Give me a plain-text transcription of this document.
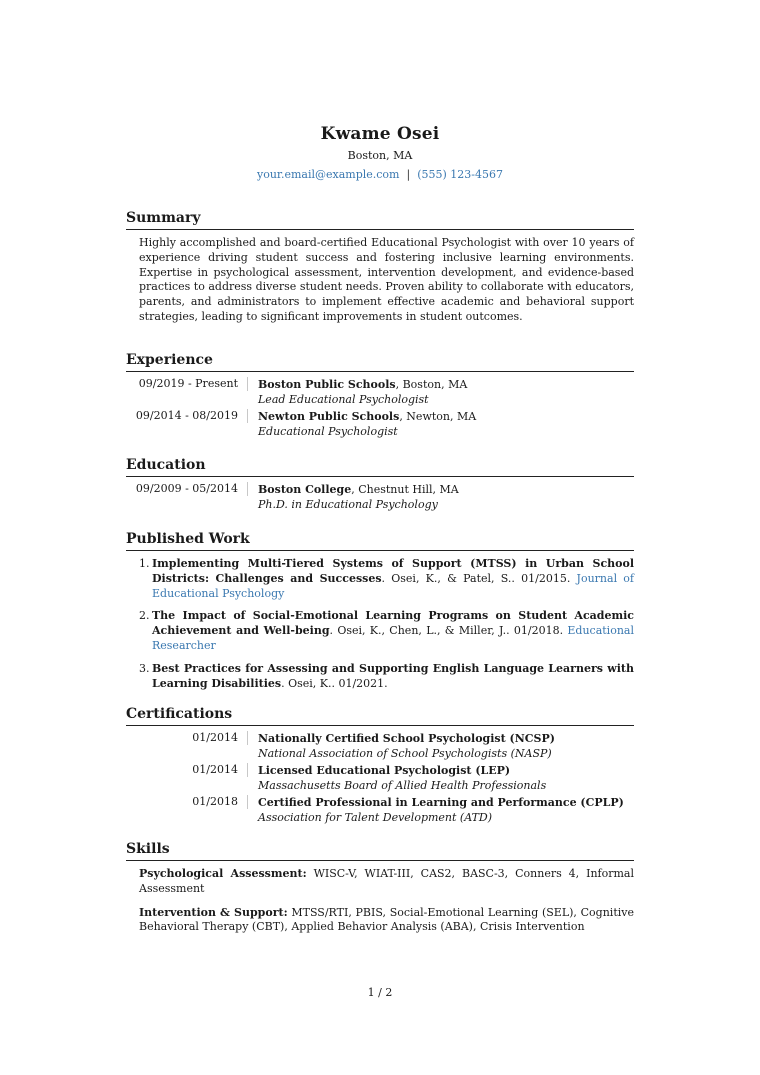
Kwame Osei
Boston, MA
your.email@example.com | (555) 123-4567
Summary
Highly accomplished and board-certified Educational Psychologist with over 10 years of experience driving student success and fostering inclusive learning environments. Expertise in psychological assessment, intervention development, and evidence-based practices to address diverse student needs. Proven ability to collaborate with educators, parents, and administrators to implement effective academic and behavioral support strategies, leading to significant improvements in student outcomes.
Experience
09/2019 - Present	Boston Public Schools, Boston, MA
Lead Educational Psychologist
09/2014 - 08/2019	Newton Public Schools, Newton, MA
Educational Psychologist
Education
09/2009 - 05/2014	Boston College, Chestnut Hill, MA
Ph.D. in Educational Psychology
Published Work
1. Implementing Multi-Tiered Systems of Support (MTSS) in Urban School Districts: Challenges and Successes. Osei, K., & Patel, S.. 01/2015. Journal of Educational Psychology
2. The Impact of Social-Emotional Learning Programs on Student Academic Achievement and Well-being. Osei, K., Chen, L., & Miller, J.. 01/2018. Educational Researcher
3. Best Practices for Assessing and Supporting English Language Learners with Learning Disabilities. Osei, K.. 01/2021.
Certifications
01/2014	Nationally Certified School Psychologist (NCSP)
National Association of School Psychologists (NASP)
01/2014	Licensed Educational Psychologist (LEP)
Massachusetts Board of Allied Health Professionals
01/2018	Certified Professional in Learning and Performance (CPLP)
Association for Talent Development (ATD)
Skills
Psychological Assessment: WISC-V, WIAT-III, CAS2, BASC-3, Conners 4, Informal Assessment
Intervention & Support: MTSS/RTI, PBIS, Social-Emotional Learning (SEL), Cognitive Behavioral Therapy (CBT), Applied Behavior Analysis (ABA), Crisis Intervention
1 / 2
